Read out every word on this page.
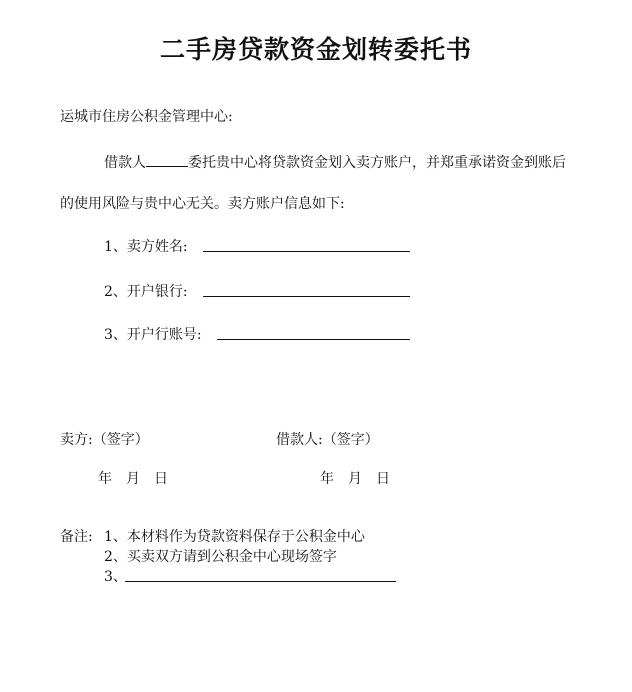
二手房贷款资金划转委托书
运城市住房公积金管理中心:
借款人	委托贵中心将贷款资金划入卖方账户，并郑重承诺资金到账后
的使用风险与贵中心无关。卖方账户信息如下:
1、卖方姓名:
2、开户银行:
3、开户行账号:
卖方:（签字）	借款人:（签字）
年　月　日	年　月　日
备注: 1、本材料作为贷款资料保存于公积金中心
2、买卖双方请到公积金中心现场签字
3、
